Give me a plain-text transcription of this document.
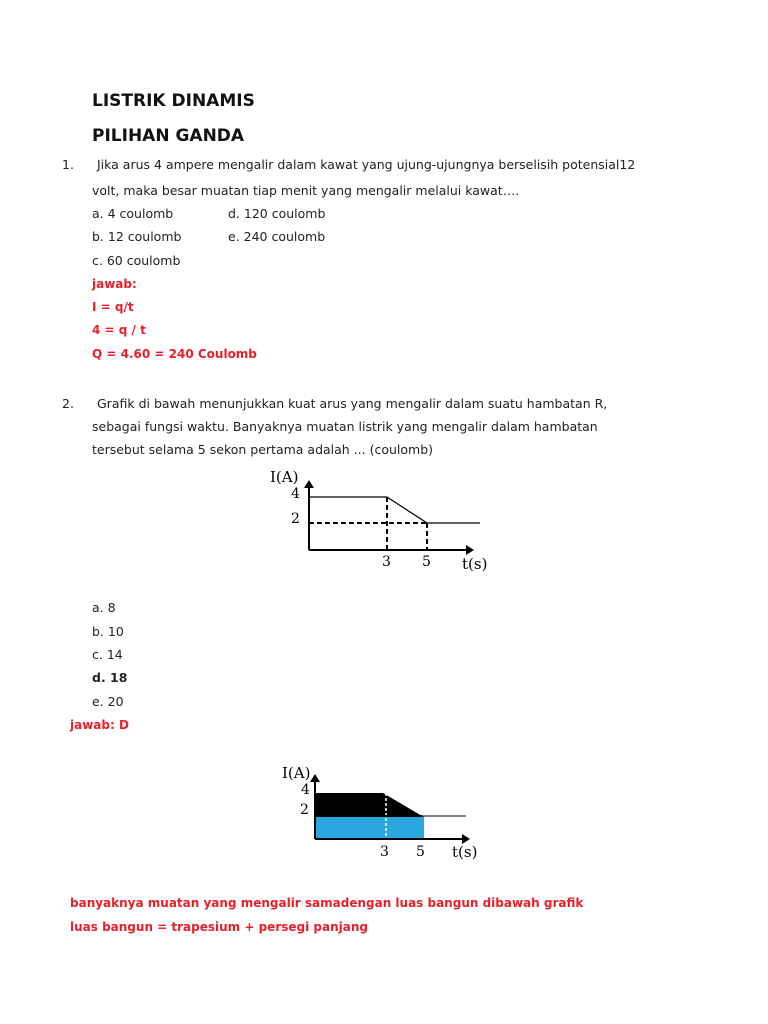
LISTRIK DINAMIS
PILIHAN GANDA
1. Jika arus 4 ampere mengalir dalam kawat yang ujung-ujungnya berselisih potensial12
volt, maka besar muatan tiap menit yang mengalir melalui kawat….
a. 4 coulomb	d. 120 coulomb
b. 12 coulomb	e. 240 coulomb
c. 60 coulomb
jawab:
I = q/t
4 = q / t
Q = 4.60 = 240 Coulomb
2. Grafik di bawah menunjukkan kuat arus yang mengalir dalam suatu hambatan R,
sebagai fungsi waktu. Banyaknya muatan listrik yang mengalir dalam hambatan
tersebut selama 5 sekon pertama adalah ... (coulomb)
I(A)
4
2
3 5 t(s)
a. 8
b. 10
c. 14
d. 18
e. 20
jawab: D
I(A)
4
2
3 5 t(s)
banyaknya muatan yang mengalir samadengan luas bangun dibawah grafik
luas bangun = trapesium + persegi panjang
